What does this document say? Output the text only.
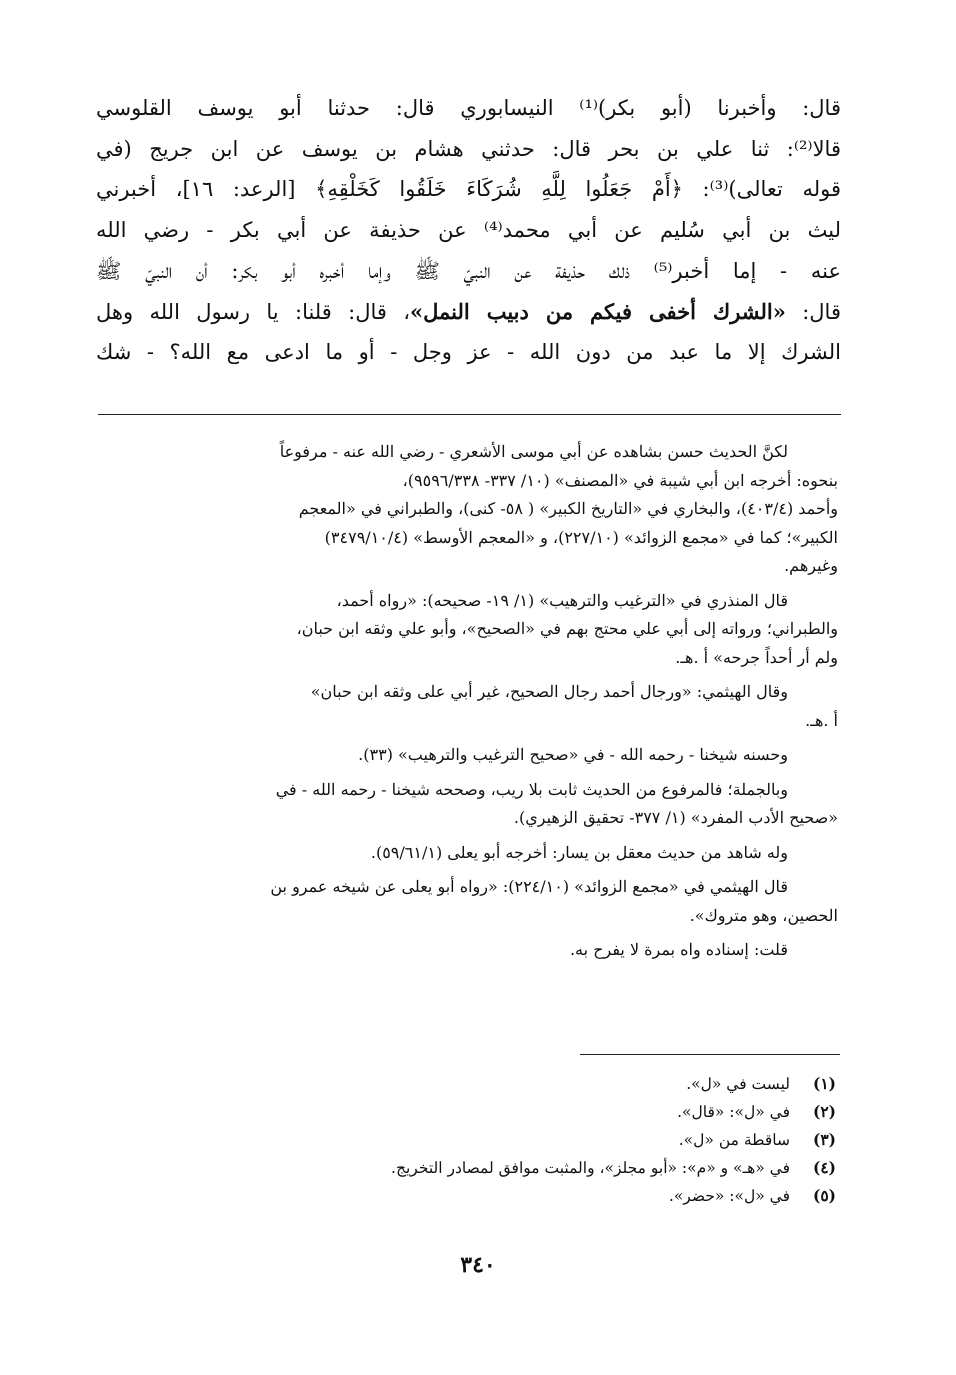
قال: وأخبرنا (أبو بكر)⁽¹⁾ النيسابوري قال: حدثنا أبو يوسف القلوسي
قالا⁽²⁾: ثنا علي بن بحر قال: حدثني هشام بن يوسف عن ابن جريج (في
قوله تعالى)⁽³⁾: ﴿أَمْ جَعَلُوا لِلَّهِ شُرَكَاءَ خَلَقُوا كَخَلْقِهِ﴾ [الرعد: ١٦]، أخبرني
ليث بن أبي سُليم عن أبي محمد⁽⁴⁾ عن حذيفة عن أبي بكر - رضي الله
عنه - إما أخبر⁽⁵⁾ ذلك حذيفة عن النبيّ ﷺ وإما أخبره أبو بكر: أن النبيّ ﷺ
قال: «الشرك أخفى فيكم من دبيب النمل»، قال: قلنا: يا رسول الله وهل
الشرك إلا ما عبد من دون الله - عز وجل - أو ما ادعى مع الله؟ - شك
لكنَّ الحديث حسن بشاهده عن أبي موسى الأشعري - رضي الله عنه - مرفوعاً
بنحوه: أخرجه ابن أبي شيبة في «المصنف» (١٠/ ٣٣٧- ٩٥٩٦/٣٣٨)،
وأحمد (٤٠٣/٤)، والبخاري في «التاريخ الكبير» ( ٥٨- كنى)، والطبراني في «المعجم
الكبير»؛ كما في «مجمع الزوائد» (٢٢٧/١٠)، و «المعجم الأوسط» (٣٤٧٩/١٠/٤)
وغيرهم.
قال المنذري في «الترغيب والترهيب» (١/ ١٩- صحيحه): «رواه أحمد،
والطبراني؛ ورواته إلى أبي علي محتج بهم في «الصحيح»، وأبو علي وثقه ابن حبان،
ولم أر أحداً جرحه» أ .هـ.
وقال الهيثمي: «ورجال أحمد رجال الصحيح، غير أبي على وثقه ابن حبان»
أ .هـ.
وحسنه شيخنا - رحمه الله - في «صحيح الترغيب والترهيب» (٣٣).
وبالجملة؛ فالمرفوع من الحديث ثابت بلا ريب، وصححه شيخنا - رحمه الله - في
«صحيح الأدب المفرد» (١/ ٣٧٧- تحقيق الزهيري).
وله شاهد من حديث معقل بن يسار: أخرجه أبو يعلى (٥٩/٦١/١).
قال الهيثمي في «مجمع الزوائد» (٢٢٤/١٠): «رواه أبو يعلى عن شيخه عمرو بن
الحصين، وهو متروك».
قلت: إسناده واه بمرة لا يفرح به.
(١)ليست في «ل».
(٢)في «ل»: «قال».
(٣)ساقطة من «ل».
(٤)في «هـ» و «م»: «أبو مجلز»، والمثبت موافق لمصادر التخريج.
(٥)في «ل»: «حضر».
٣٤٠
